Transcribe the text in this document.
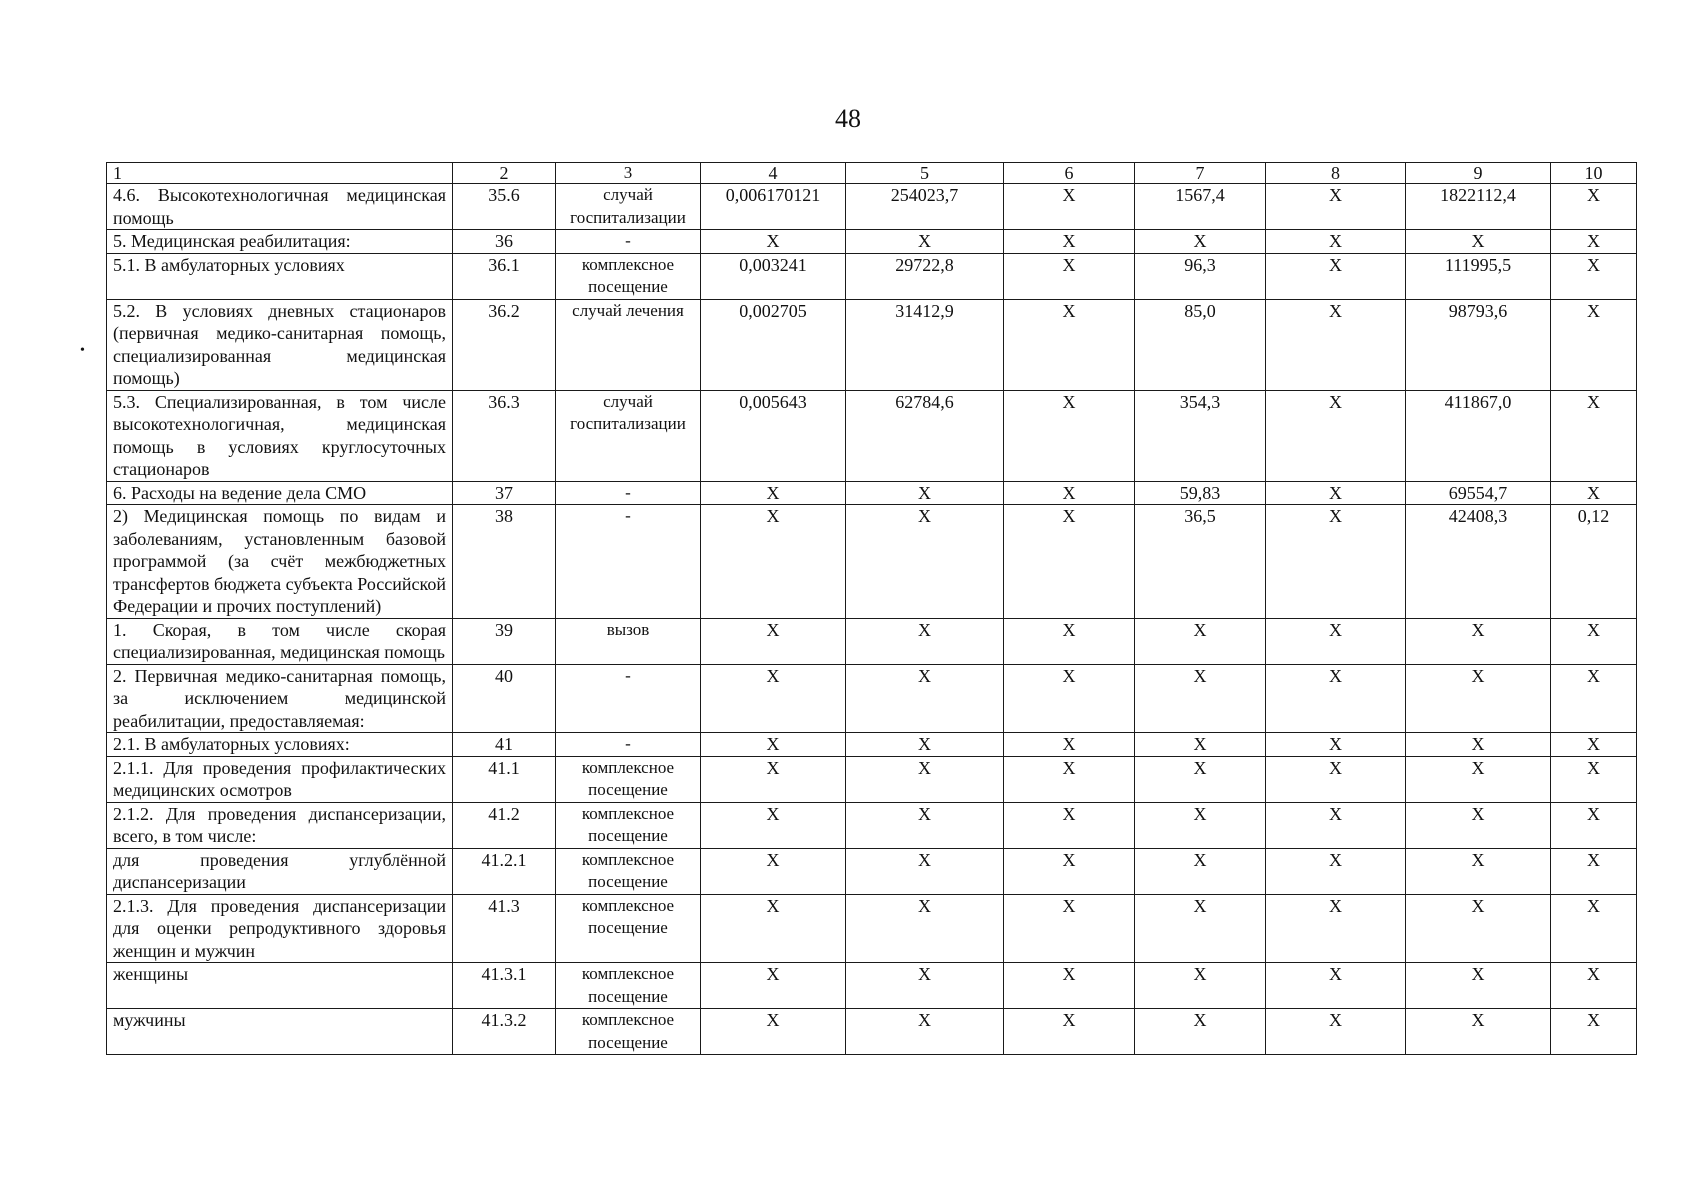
48
•
1	2	3	4	5	6	7	8	9	10
4.6. Высокотехнологичная медицинская помощь	35.6	случай госпитализации	0,006170121	254023,7	Х	1567,4	Х	1822112,4	Х
5. Медицинская реабилитация:	36	-	Х	Х	Х	Х	Х	Х	Х
5.1. В амбулаторных условиях	36.1	комплексное посещение	0,003241	29722,8	Х	96,3	Х	111995,5	Х
5.2. В условиях дневных стационаров (первичная медико-санитарная помощь, специализированная медицинская помощь)	36.2	случай лечения	0,002705	31412,9	Х	85,0	Х	98793,6	Х
5.3. Специализированная, в том числе высокотехнологичная, медицинская помощь в условиях круглосуточных стационаров	36.3	случай госпитализации	0,005643	62784,6	Х	354,3	Х	411867,0	Х
6. Расходы на ведение дела СМО	37	-	Х	Х	Х	59,83	Х	69554,7	Х
2) Медицинская помощь по видам и заболеваниям, установленным базовой программой (за счёт межбюджетных трансфертов бюджета субъекта Российской Федерации и прочих поступлений)	38	-	Х	Х	Х	36,5	Х	42408,3	0,12
1. Скорая, в том числе скорая специализированная, медицинская помощь	39	вызов	Х	Х	Х	Х	Х	Х	Х
2. Первичная медико-санитарная помощь, за исключением медицинской реабилитации, предоставляемая:	40	-	Х	Х	Х	Х	Х	Х	Х
2.1. В амбулаторных условиях:	41	-	Х	Х	Х	Х	Х	Х	Х
2.1.1. Для проведения профилактических медицинских осмотров	41.1	комплексное посещение	Х	Х	Х	Х	Х	Х	Х
2.1.2. Для проведения диспансеризации, всего, в том числе:	41.2	комплексное посещение	Х	Х	Х	Х	Х	Х	Х
для проведения углублённой диспансеризации	41.2.1	комплексное посещение	Х	Х	Х	Х	Х	Х	Х
2.1.3. Для проведения диспансеризации для оценки репродуктивного здоровья женщин и мужчин	41.3	комплексное посещение	Х	Х	Х	Х	Х	Х	Х
женщины	41.3.1	комплексное посещение	Х	Х	Х	Х	Х	Х	Х
мужчины	41.3.2	комплексное посещение	Х	Х	Х	Х	Х	Х	Х
